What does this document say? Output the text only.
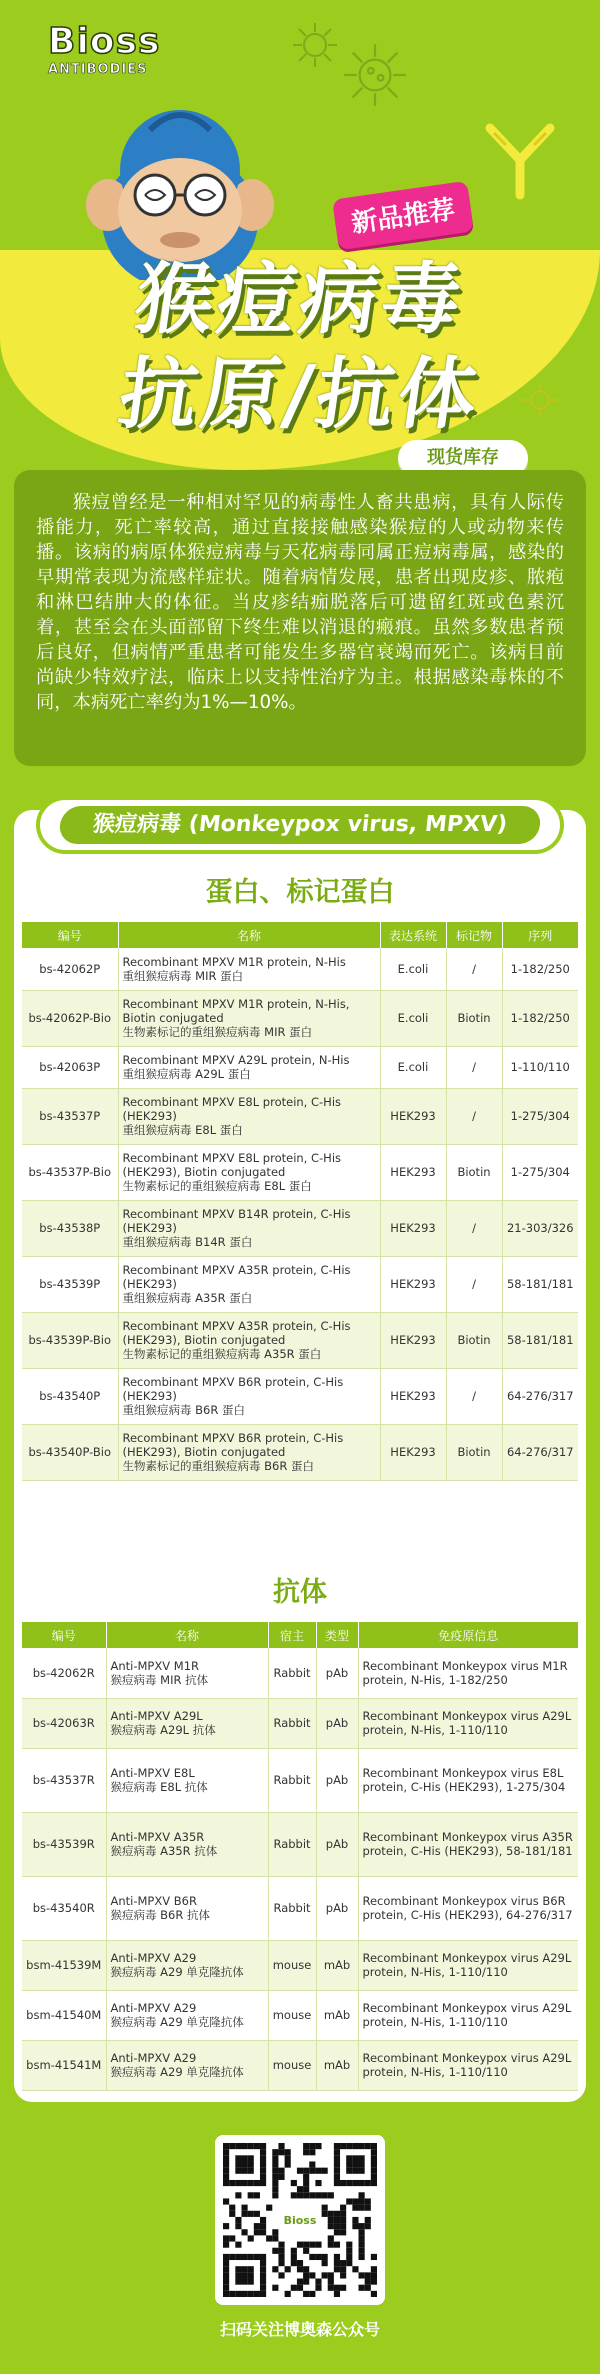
Bioss
ANTIBODIES
新品推荐
猴痘病毒
抗原/抗体
现货库存
猴痘曾经是一种相对罕见的病毒性人畜共患病，具有人际传播能力，死亡率较高，通过直接接触感染猴痘的人或动物来传播。该病的病原体猴痘病毒与天花病毒同属正痘病毒属，感染的早期常表现为流感样症状。随着病情发展，患者出现皮疹、脓疱和淋巴结肿大的体征。当皮疹结痂脱落后可遗留红斑或色素沉着，甚至会在头面部留下终生难以消退的瘢痕。虽然多数患者预后良好，但病情严重患者可能发生多器官衰竭而死亡。该病目前尚缺少特效疗法，临床上以支持性治疗为主。根据感染毒株的不同，本病死亡率约为1%—10%。
猴痘病毒 (Monkeypox virus, MPXV)
蛋白、标记蛋白
编号	名称	表达系统	标记物	序列
bs-42062P	Recombinant MPXV M1R protein, N-His
重组猴痘病毒 MIR 蛋白	E.coli	/	1-182/250
bs-42062P-Bio	Recombinant MPXV M1R protein, N-His, Biotin conjugated
生物素标记的重组猴痘病毒 MIR 蛋白	E.coli	Biotin	1-182/250
bs-42063P	Recombinant MPXV A29L protein, N-His
重组猴痘病毒 A29L 蛋白	E.coli	/	1-110/110
bs-43537P	Recombinant MPXV E8L protein, C-His (HEK293)
重组猴痘病毒 E8L 蛋白	HEK293	/	1-275/304
bs-43537P-Bio	Recombinant MPXV E8L protein, C-His (HEK293), Biotin conjugated
生物素标记的重组猴痘病毒 E8L 蛋白	HEK293	Biotin	1-275/304
bs-43538P	Recombinant MPXV B14R protein, C-His (HEK293)
重组猴痘病毒 B14R 蛋白	HEK293	/	21-303/326
bs-43539P	Recombinant MPXV A35R protein, C-His (HEK293)
重组猴痘病毒 A35R 蛋白	HEK293	/	58-181/181
bs-43539P-Bio	Recombinant MPXV A35R protein, C-His (HEK293), Biotin conjugated
生物素标记的重组猴痘病毒 A35R 蛋白	HEK293	Biotin	58-181/181
bs-43540P	Recombinant MPXV B6R protein, C-His (HEK293)
重组猴痘病毒 B6R 蛋白	HEK293	/	64-276/317
bs-43540P-Bio	Recombinant MPXV B6R protein, C-His (HEK293), Biotin conjugated
生物素标记的重组猴痘病毒 B6R 蛋白	HEK293	Biotin	64-276/317
抗体
编号	名称	宿主	类型	免疫原信息
bs-42062R	Anti-MPXV M1R
猴痘病毒 MIR 抗体	Rabbit	pAb	Recombinant Monkeypox virus M1R protein, N-His, 1-182/250
bs-42063R	Anti-MPXV A29L
猴痘病毒 A29L 抗体	Rabbit	pAb	Recombinant Monkeypox virus A29L protein, N-His, 1-110/110
bs-43537R	Anti-MPXV E8L
猴痘病毒 E8L 抗体	Rabbit	pAb	Recombinant Monkeypox virus E8L protein, C-His (HEK293), 1-275/304
bs-43539R	Anti-MPXV A35R
猴痘病毒 A35R 抗体	Rabbit	pAb	Recombinant Monkeypox virus A35R protein, C-His (HEK293), 58-181/181
bs-43540R	Anti-MPXV B6R
猴痘病毒 B6R 抗体	Rabbit	pAb	Recombinant Monkeypox virus B6R protein, C-His (HEK293), 64-276/317
bsm-41539M	Anti-MPXV A29
猴痘病毒 A29 单克隆抗体	mouse	mAb	Recombinant Monkeypox virus A29L protein, N-His, 1-110/110
bsm-41540M	Anti-MPXV A29
猴痘病毒 A29 单克隆抗体	mouse	mAb	Recombinant Monkeypox virus A29L protein, N-His, 1-110/110
bsm-41541M	Anti-MPXV A29
猴痘病毒 A29 单克隆抗体	mouse	mAb	Recombinant Monkeypox virus A29L protein, N-His, 1-110/110
Bioss
扫码关注博奥森公众号
